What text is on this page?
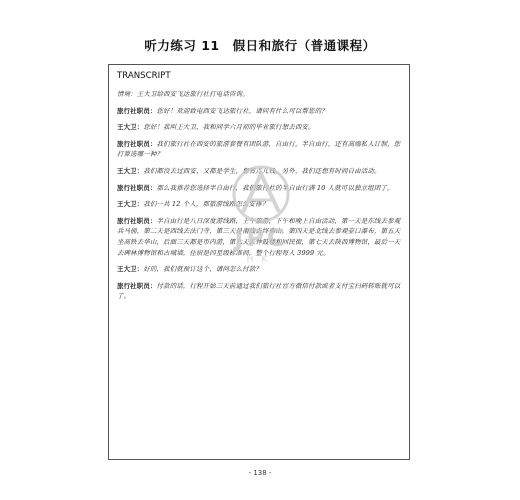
听力练习 11　假日和旅行（普通课程）
TRANSCRIPT

情境：王大卫给西安飞达旅行社打电话咨询。

旅行社职员：您好！欢迎致电西安飞达旅行社，请问有什么可以帮您的？

王大卫：您好！我叫王大卫，我和同学六月初的毕业旅行想去西安。

旅行社职员：我们旅行社在西安的旅游套餐有团队游，自由行，半自由行，还有高端私人订制，您打算选哪一种？

王大卫：我们都没去过西安，又都是学生，想省点儿钱，另外，我们还想有时间自由活动。

旅行社职员：那么我推荐您选择半自由行，我们旅行社的半自由行满 10 人就可以独立组团了。

王大卫：我们一共 12 个人，那旅游线路怎么安排？

旅行社职员：半自由行是八日深度游线路，上午旅游，下午和晚上自由活动，第一天是东线去参观兵马俑，第二天是西线去法门寺，第三天是南线去终南山，第四天是北线去参观壶口瀑布，第五天坐高铁去华山，后面三天都是市内游，第六天去钟鼓楼和回民街，第七天去陕西博物馆，最后一天去碑林博物馆和古城墙，住宿是四星级标准间，整个行程每人 3999 元。

王大卫：好的，我们就预订这个，请问怎么付款？

旅行社职员：付款的话，行程开始三天前通过我们旅行社官方微信付款或者支付宝扫码转账就可以了。

JPC
HK
- 138 -
